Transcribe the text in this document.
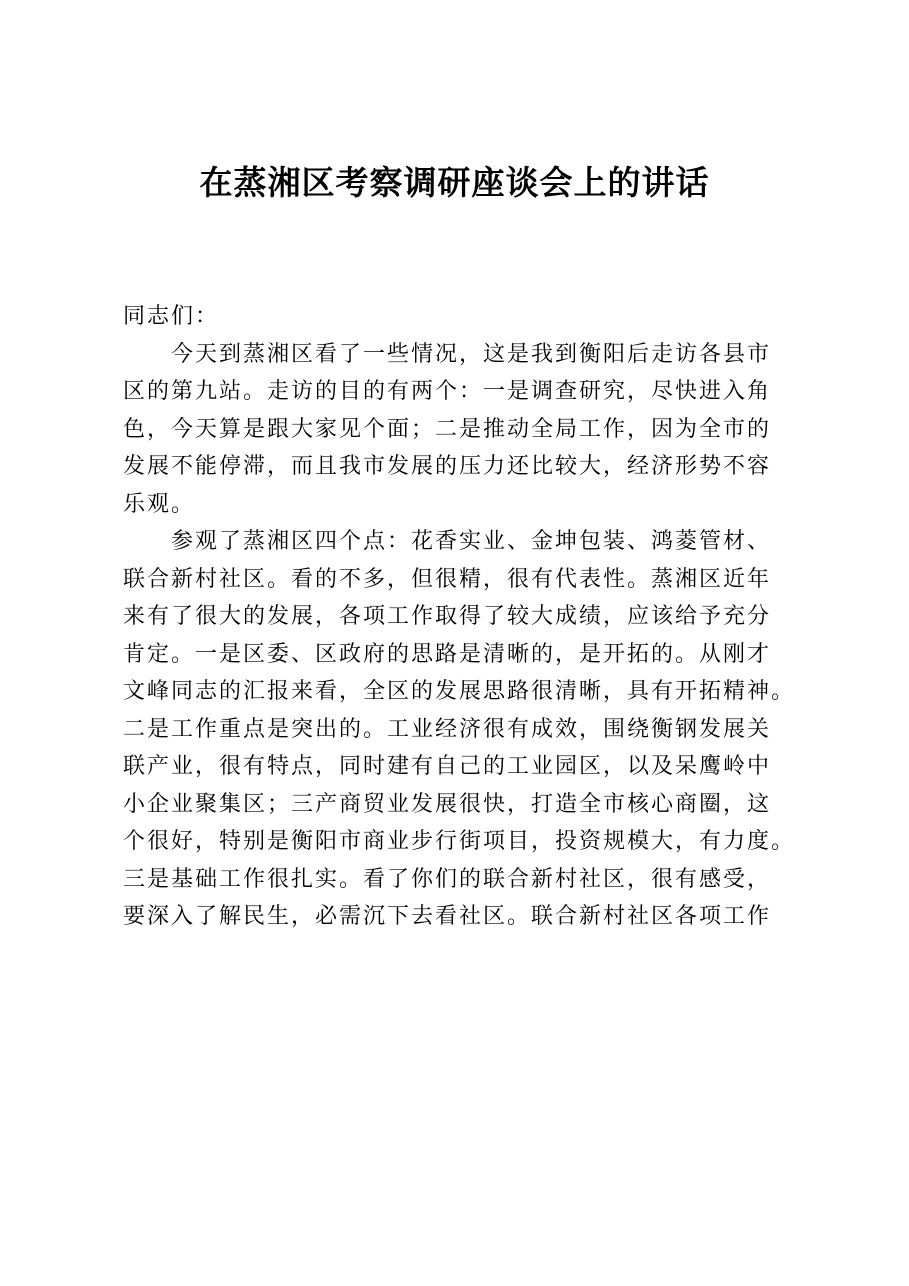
在蒸湘区考察调研座谈会上的讲话

同志们：

今天到蒸湘区看了一些情况，这是我到衡阳后走访各县市

区的第九站。走访的目的有两个：一是调查研究，尽快进入角

色，今天算是跟大家见个面；二是推动全局工作，因为全市的

发展不能停滞，而且我市发展的压力还比较大，经济形势不容

乐观。

参观了蒸湘区四个点：花香实业、金坤包装、鸿菱管材、

联合新村社区。看的不多，但很精，很有代表性。蒸湘区近年

来有了很大的发展，各项工作取得了较大成绩，应该给予充分

肯定。一是区委、区政府的思路是清晰的，是开拓的。从刚才

文峰同志的汇报来看，全区的发展思路很清晰，具有开拓精神。

二是工作重点是突出的。工业经济很有成效，围绕衡钢发展关

联产业，很有特点，同时建有自己的工业园区，以及呆鹰岭中

小企业聚集区；三产商贸业发展很快，打造全市核心商圈，这

个很好，特别是衡阳市商业步行街项目，投资规模大，有力度。

三是基础工作很扎实。看了你们的联合新村社区，很有感受，

要深入了解民生，必需沉下去看社区。联合新村社区各项工作
